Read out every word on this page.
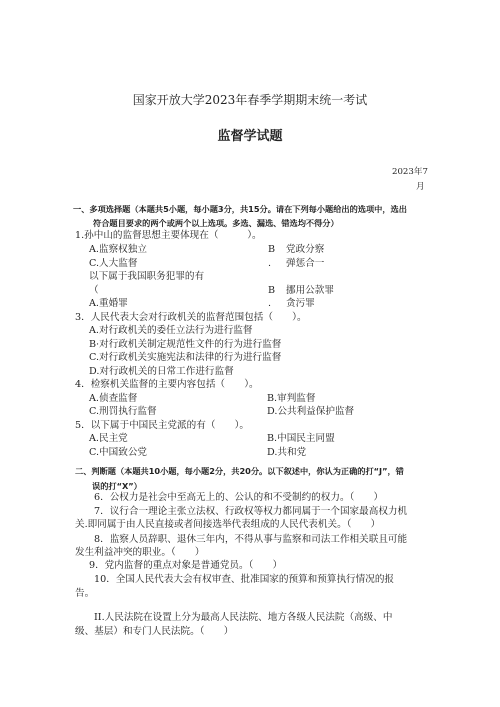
国家开放大学2023年春季学期期末统一考试
监督学试题
2023年7
月
一、多项选择题（本题共5小题，每小题3分，共15分。请在下列每小题给出的选项中，选出
符合题目要求的两个或两个以上选项。多选、漏选、错选均不得分）
1.孙中山的监督思想主要体现在（　　　）。
A.监察权独立	B 党政分察
C.人大监督	. 弹惩合一
以下属于我国职务犯罪的有
（	B 挪用公款罪
A.重婚罪	. 贪污罪
3．人民代表大会对行政机关的监督范围包括（　　）。
A.对行政机关的委任立法行为进行监督
B·对行政机关制定规范性文件的行为进行监督
C.对行政机关实施宪法和法律的行为进行监督
D.对行政机关的日常工作进行监督
4．检察机关监督的主要内容包括（　　）。
A.侦查监督	B.审判监督
C.刑罚执行监督	D.公共利益保护监督
5．以下属于中国民主党派的有（　　）。
A.民主党	B.中国民主同盟
C.中国致公党	D.共和党
二、判断题（本题共10小题，每小题2分，共20分。以下叙述中，你认为正确的打“J”，错
误的打“X”）
6．公权力是社会中至高无上的、公认的和不受制约的权力。（　　）
7．议行合一理论主张立法权、行政权等权力都同属于一个国家最高权力机
关.即同属于由人民直接或者间接选举代表组成的人民代表机关。（　　）
8．监察人员辞职、退休三年内，不得从事与监察和司法工作相关联且可能
发生利益冲突的职业。（　　）
9．党内监督的重点对象是普通党员。（　　）
10．全国人民代表大会有权审查、批准国家的预算和预算执行情况的报
告。
II.人民法院在设置上分为最高人民法院、地方各级人民法院（高级、中
级、基层）和专门人民法院。（　　）
